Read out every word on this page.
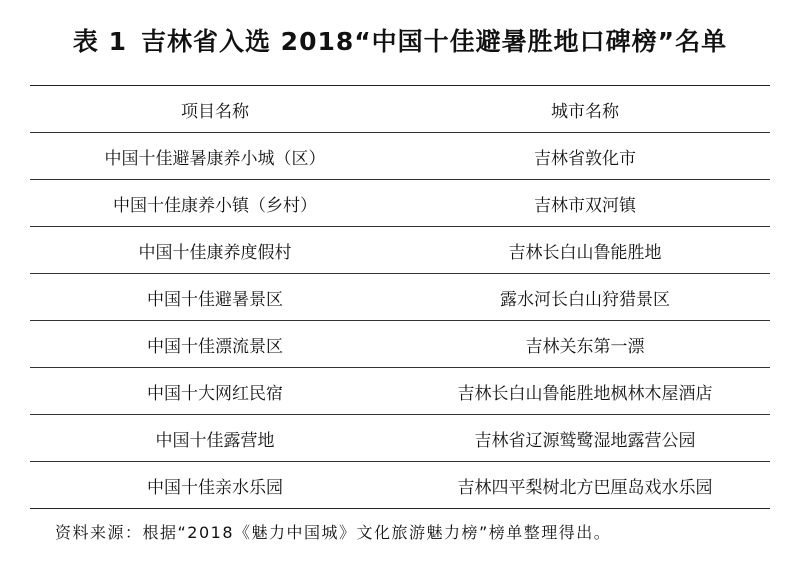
表 1 吉林省入选 2018“中国十佳避暑胜地口碑榜”名单
项目名称	城市名称
中国十佳避暑康养小城（区）	吉林省敦化市
中国十佳康养小镇（乡村）	吉林市双河镇
中国十佳康养度假村	吉林长白山鲁能胜地
中国十佳避暑景区	露水河长白山狩猎景区
中国十佳漂流景区	吉林关东第一漂
中国十大网红民宿	吉林长白山鲁能胜地枫林木屋酒店
中国十佳露营地	吉林省辽源鹫鹭湿地露营公园
中国十佳亲水乐园	吉林四平梨树北方巴厘岛戏水乐园
资料来源：根据“2018《魅力中国城》文化旅游魅力榜”榜单整理得出。
